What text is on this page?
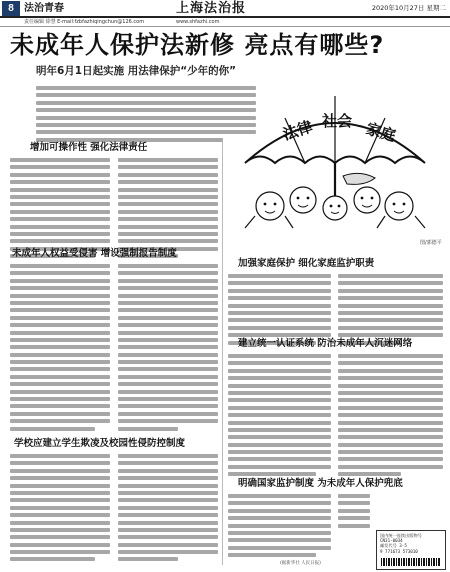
8	法治青春	上海法治报	2020年10月27日 星期二
责任编辑 徐慧 E-mail:fzbfazhiqingchun@126.com	www.shfazhi.com
未成年人保护法新修 亮点有哪些?
明年6月1日起实施 用法律保护“少年的你”
法律 社会 家庭
图/郭德平
增加可操作性 强化法律责任
未成年人权益受侵害 增设强制报告制度
学校应建立学生欺凌及校园性侵防控制度
加强家庭保护 细化家庭监护职责
建立统一认证系统 防治未成年人沉迷网络
明确国家监护制度 为未成年人保护兜底
国内统一连续出版物号
CN31-0034
邮发代号 3-5
9 771673 573010
(据新华社 人民日报)
